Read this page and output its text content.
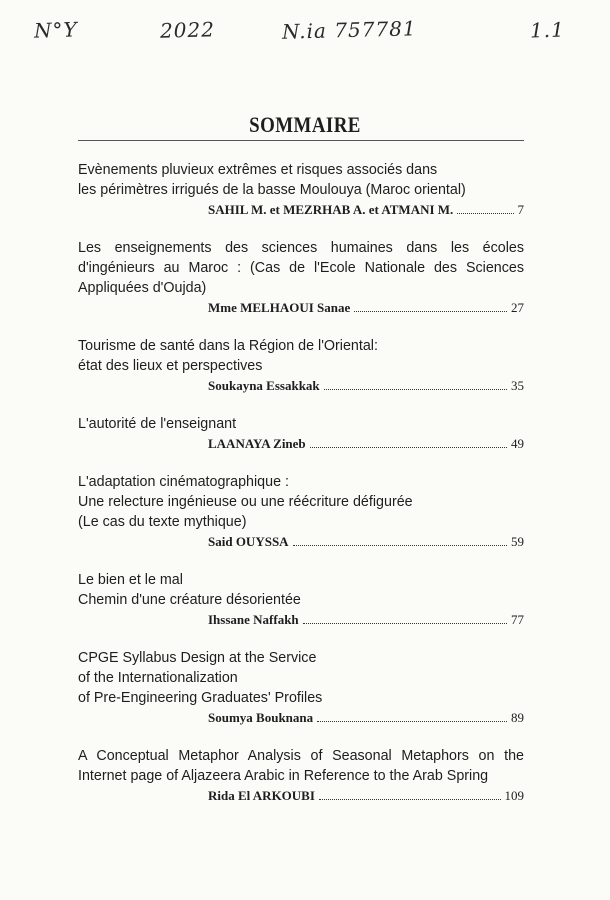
N°Y	2022	N.ia 757781	1.1
SOMMAIRE
Evènements pluvieux extrêmes et risques associés dans
les périmètres irrigués de la basse Moulouya (Maroc oriental)
SAHIL M. et MEZRHAB A. et ATMANI M.	7
Les enseignements des sciences humaines dans les écoles
d'ingénieurs au Maroc : (Cas de l'Ecole Nationale des Sciences
Appliquées d'Oujda)
Mme MELHAOUI Sanae	27
Tourisme de santé dans la Région de l'Oriental:
état des lieux et perspectives
Soukayna Essakkak	35
L'autorité de l'enseignant
LAANAYA Zineb	49
L'adaptation cinématographique :
Une relecture ingénieuse ou une réécriture défigurée
(Le cas du texte mythique)
Said OUYSSA	59
Le bien et le mal
Chemin d'une créature désorientée
Ihssane Naffakh	77
CPGE Syllabus Design at the Service
of the Internationalization
of Pre-Engineering Graduates' Profiles
Soumya Bouknana	89
A Conceptual Metaphor Analysis of Seasonal Metaphors on the
Internet page of Aljazeera Arabic in Reference to the Arab Spring
Rida El ARKOUBI	109
